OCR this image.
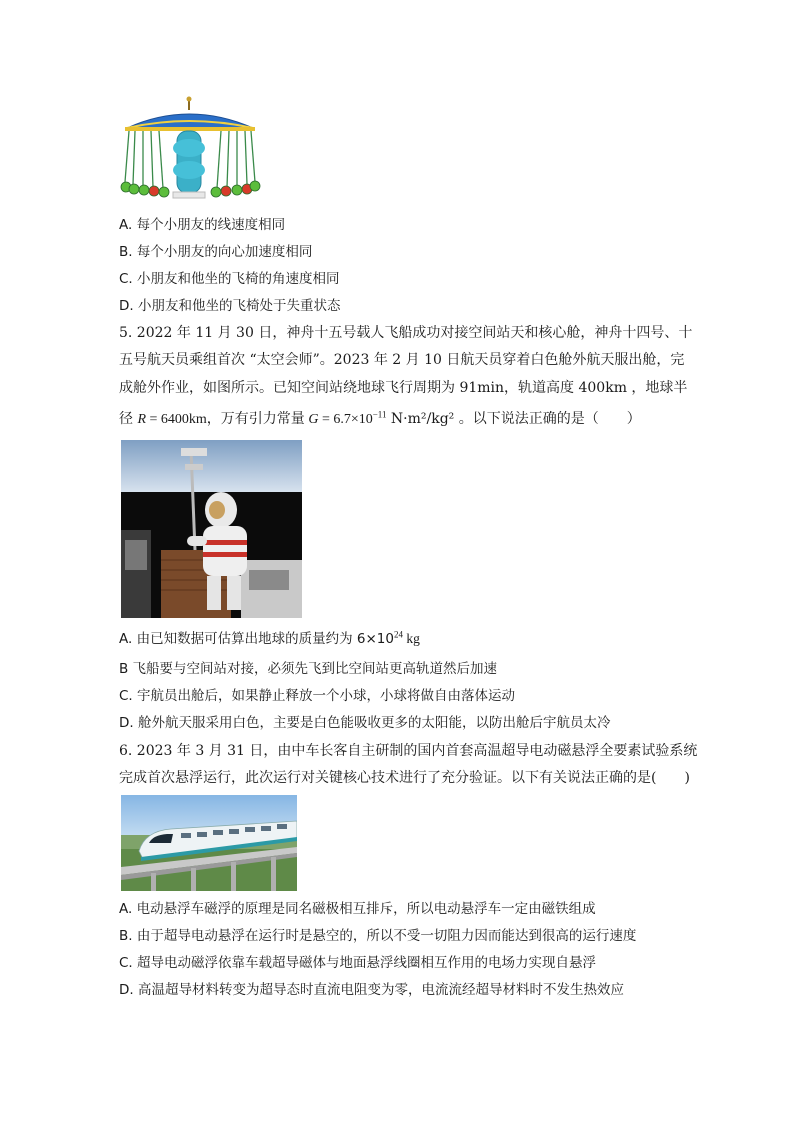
A. 每个小朋友的线速度相同
B. 每个小朋友的向心加速度相同
C. 小朋友和他坐的飞椅的角速度相同
D. 小朋友和他坐的飞椅处于失重状态
5. 2022 年 11 月 30 日，神舟十五号载人飞船成功对接空间站天和核心舱，神舟十四号、十
五号航天员乘组首次 “太空会师”。2023 年 2 月 10 日航天员穿着白色舱外航天服出舱，完
成舱外作业，如图所示。已知空间站绕地球飞行周期为 91min，轨道高度 400km ，地球半
径 R = 6400km，万有引力常量 $G = 6.7\times 10^{-11}$ N·m²/kg² 。以下说法正确的是（　　）
A. 由已知数据可估算出地球的质量约为 $6\times 10^{24}$ kg
B 飞船要与空间站对接，必须先飞到比空间站更高轨道然后加速
C. 宇航员出舱后，如果静止释放一个小球，小球将做自由落体运动
D. 舱外航天服采用白色，主要是白色能吸收更多的太阳能，以防出舱后宇航员太冷
6. 2023 年 3 月 31 日，由中车长客自主研制的国内首套高温超导电动磁悬浮全要素试验系统
完成首次悬浮运行，此次运行对关键核心技术进行了充分验证。以下有关说法正确的是(　　)
A. 电动悬浮车磁浮的原理是同名磁极相互排斥，所以电动悬浮车一定由磁铁组成
B. 由于超导电动悬浮在运行时是悬空的，所以不受一切阻力因而能达到很高的运行速度
C. 超导电动磁浮依靠车载超导磁体与地面悬浮线圈相互作用的电场力实现自悬浮
D. 高温超导材料转变为超导态时直流电阻变为零，电流流经超导材料时不发生热效应
